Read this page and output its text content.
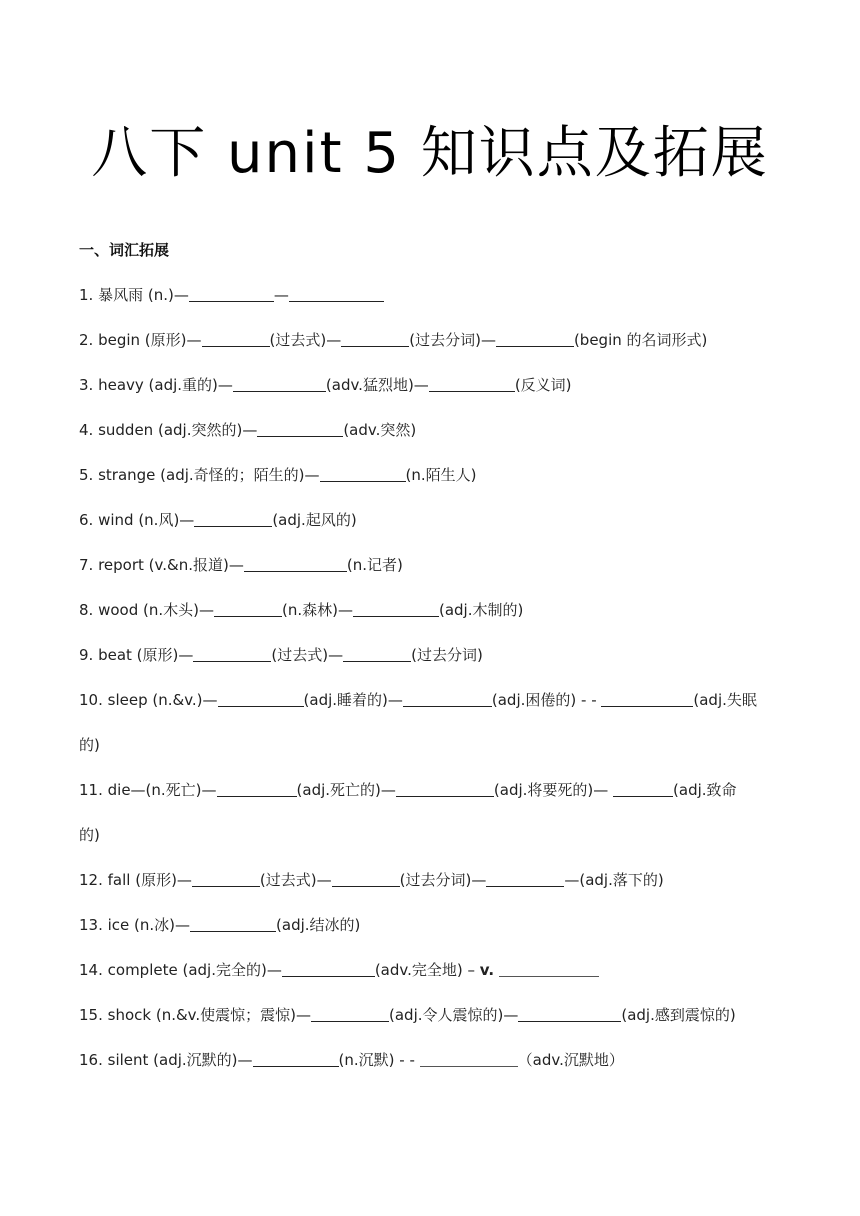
八下 unit 5 知识点及拓展
一、词汇拓展
1. 暴风雨 (n.)—	—
2. begin (原形)—	(过去式)—	(过去分词)—	(begin 的名词形式)
3. heavy (adj.重的)—	(adv.猛烈地)—	(反义词)
4. sudden (adj.突然的)—	(adv.突然)
5. strange (adj.奇怪的；陌生的)—	(n.陌生人)
6. wind (n.风)—	(adj.起风的)
7. report (v.&n.报道)—	(n.记者)
8. wood (n.木头)—	(n.森林)—	(adj.木制的)
9. beat (原形)—	(过去式)—	(过去分词)
10. sleep (n.&v.)—	(adj.睡着的)—	(adj.困倦的) - -	(adj.失眠
的)
11. die—(n.死亡)—	(adj.死亡的)—	(adj.将要死的)—	(adj.致命
的)
12. fall (原形)—	(过去式)—	(过去分词)—	—(adj.落下的)
13. ice (n.冰)—	(adj.结冰的)
14. complete (adj.完全的)—	(adv.完全地) – v.
15. shock (n.&v.使震惊；震惊)—	(adj.令人震惊的)—	(adj.感到震惊的)
16. silent (adj.沉默的)—	(n.沉默) - -	（adv.沉默地）
